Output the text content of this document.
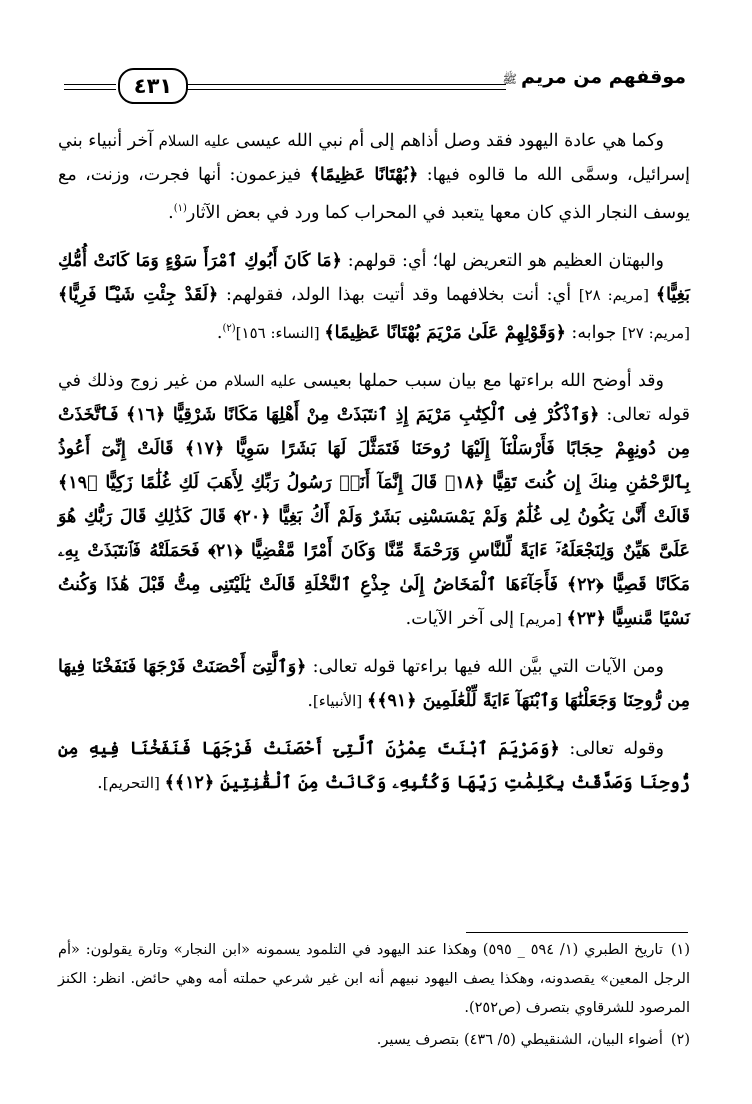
موقفهم من مريمﷺ
٤٣١

وكما هي عادة اليهود فقد وصل أذاهم إلى أم نبي الله عيسى عليه السلام آخر أنبياء بني إسرائيل، وسمَّى الله ما قالوه فيها: ﴿بُهْتَانًا عَظِيمًا﴾ فيزعمون: أنها فجرت، وزنت، مع يوسف النجار الذي كان معها يتعبد في المحراب كما ورد في بعض الآثار$^{(١)}$.

والبهتان العظيم هو التعريض لها؛ أي: قولهم: ﴿مَا كَانَ أَبُوكِ ٱمْرَأَ سَوْءٍ وَمَا كَانَتْ أُمُّكِ بَغِيًّا﴾ [مريم: ٢٨] أي: أنت بخلافهما وقد أتيت بهذا الولد، فقولهم: ﴿لَقَدْ جِئْتِ شَيْـًٔا فَرِيًّا﴾ [مريم: ٢٧] جوابه: ﴿وَقَوْلِهِمْ عَلَىٰ مَرْيَمَ بُهْتَانًا عَظِيمًا﴾ [النساء: ١٥٦]$^{(٢)}$.

وقد أوضح الله براءتها مع بيان سبب حملها بعيسى عليه السلام من غير زوج وذلك في قوله تعالى: ﴿وَٱذْكُرْ فِى ٱلْكِتَٰبِ مَرْيَمَ إِذِ ٱنتَبَذَتْ مِنْ أَهْلِهَا مَكَانًا شَرْقِيًّا ﴿١٦﴾ فَٱتَّخَذَتْ مِن دُونِهِمْ حِجَابًا فَأَرْسَلْنَآ إِلَيْهَا رُوحَنَا فَتَمَثَّلَ لَهَا بَشَرًا سَوِيًّا ﴿١٧﴾ قَالَتْ إِنِّىٓ أَعُوذُ بِٱلرَّحْمَٰنِ مِنكَ إِن كُنتَ تَقِيًّا ﴿١٨﴾ قَالَ إِنَّمَآ أَنَا۠ رَسُولُ رَبِّكِ لِأَهَبَ لَكِ غُلَٰمًا زَكِيًّا ﴿١٩﴾ قَالَتْ أَنَّىٰ يَكُونُ لِى غُلَٰمٌ وَلَمْ يَمْسَسْنِى بَشَرٌ وَلَمْ أَكُ بَغِيًّا ﴿٢٠﴾ قَالَ كَذَٰلِكِ قَالَ رَبُّكِ هُوَ عَلَىَّ هَيِّنٌ وَلِنَجْعَلَهُۥٓ ءَايَةً لِّلنَّاسِ وَرَحْمَةً مِّنَّا وَكَانَ أَمْرًا مَّقْضِيًّا ﴿٢١﴾ فَحَمَلَتْهُ فَٱنتَبَذَتْ بِهِۦ مَكَانًا قَصِيًّا ﴿٢٢﴾ فَأَجَآءَهَا ٱلْمَخَاضُ إِلَىٰ جِذْعِ ٱلنَّخْلَةِ قَالَتْ يَٰلَيْتَنِى مِتُّ قَبْلَ هَٰذَا وَكُنتُ نَسْيًا مَّنسِيًّا ﴿٢٣﴾ [مريم] إلى آخر الآيات.

ومن الآيات التي بيَّن الله فيها براءتها قوله تعالى: ﴿وَٱلَّتِىٓ أَحْصَنَتْ فَرْجَهَا فَنَفَخْنَا فِيهَا مِن رُّوحِنَا وَجَعَلْنَٰهَا وَٱبْنَهَآ ءَايَةً لِّلْعَٰلَمِينَ ﴿٩١﴾﴾ [الأنبياء].

وقوله تعالى: ﴿وَمَرْيَمَ ٱبْنَتَ عِمْرَٰنَ ٱلَّتِىٓ أَحْصَنَتْ فَرْجَهَا فَنَفَخْنَا فِيهِ مِن رُّوحِنَا وَصَدَّقَتْ بِكَلِمَٰتِ رَبِّهَا وَكُتُبِهِۦ وَكَانَتْ مِنَ ٱلْقَٰنِتِينَ ﴿١٢﴾﴾ [التحريم].

(١)تاريخ الطبري (١/ ٥٩٤ _ ٥٩٥) وهكذا عند اليهود في التلمود يسمونه «ابن النجار» وتارة يقولون: «أم الرجل المعين» يقصدونه، وهكذا يصف اليهود نبيهم أنه ابن غير شرعي حملته أمه وهي حائض. انظر: الكنز المرصود للشرقاوي بتصرف (ص٢٥٢).

(٢)أضواء البيان، الشنقيطي (٥/ ٤٣٦) بتصرف يسير.
